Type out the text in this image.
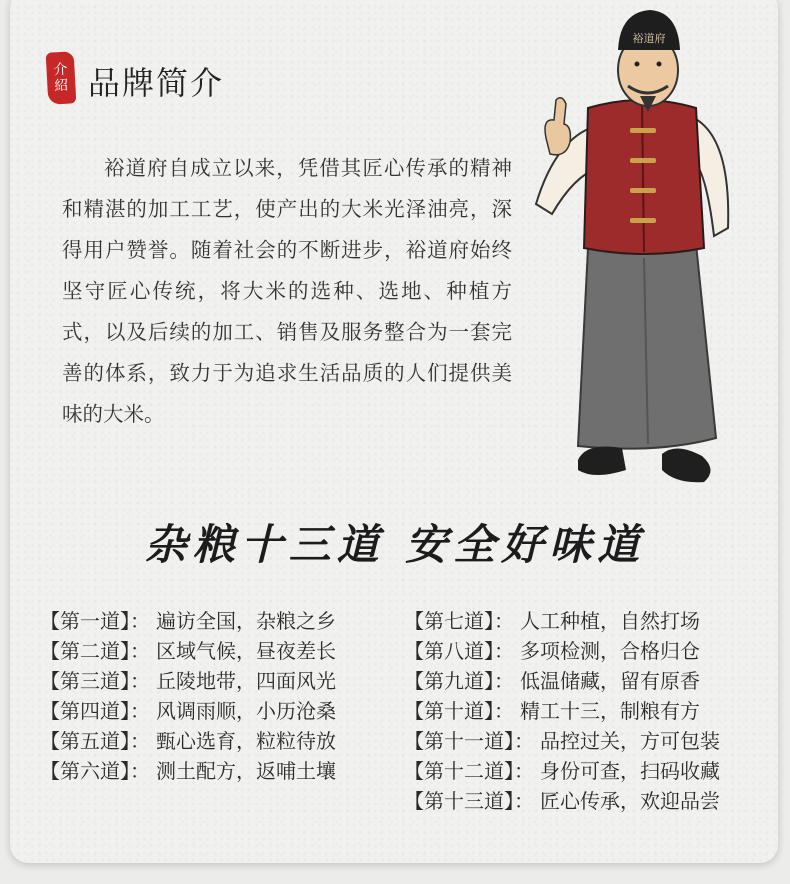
介
紹 品牌简介
裕道府自成立以来，凭借其匠心传承的精神和精湛的加工工艺，使产出的大米光泽油亮，深得用户赞誉。随着社会的不断进步，裕道府始终坚守匠心传统，将大米的选种、选地、种植方式，以及后续的加工、销售及服务整合为一套完善的体系，致力于为追求生活品质的人们提供美味的大米。
裕道府
杂粮十三道 安全好味道
【第一道】： 遍访全国，杂粮之乡
【第二道】： 区域气候，昼夜差长
【第三道】： 丘陵地带，四面风光
【第四道】： 风调雨顺，小历沧桑
【第五道】： 甄心选育，粒粒待放
【第六道】： 测土配方，返哺土壤
【第七道】： 人工种植，自然打场
【第八道】： 多项检测，合格归仓
【第九道】： 低温储藏，留有原香
【第十道】： 精工十三，制粮有方
【第十一道】： 品控过关，方可包装
【第十二道】： 身份可查，扫码收藏
【第十三道】： 匠心传承，欢迎品尝
